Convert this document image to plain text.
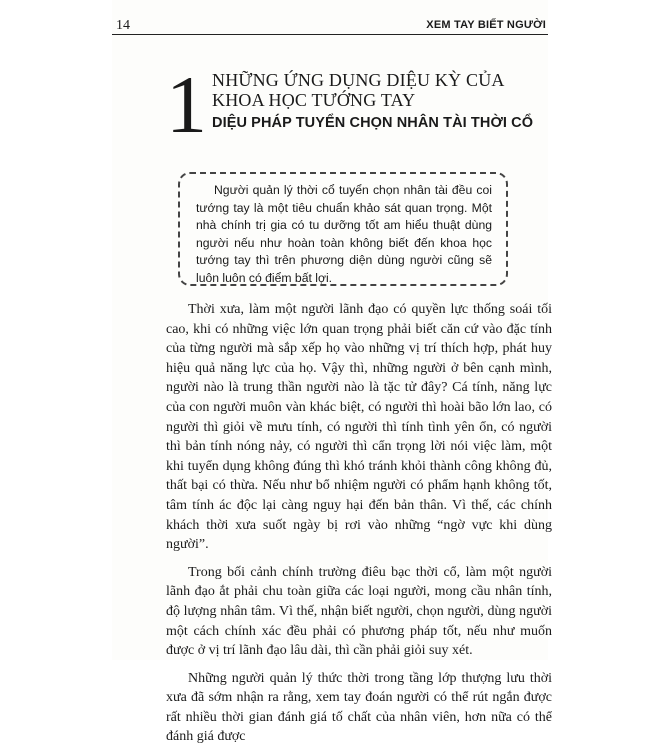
14	XEM TAY BIẾT NGƯỜI
1 NHỮNG ỨNG DỤNG DIỆU KỲ CỦA KHOA HỌC TƯỚNG TAY
DIỆU PHÁP TUYỂN CHỌN NHÂN TÀI THỜI CỔ
Người quản lý thời cổ tuyển chọn nhân tài đều coi tướng tay là một tiêu chuẩn khảo sát quan trọng. Một nhà chính trị gia có tu dưỡng tốt am hiểu thuật dùng người nếu như hoàn toàn không biết đến khoa học tướng tay thì trên phương diện dùng người cũng sẽ luôn luôn có điểm bất lợi.

Thời xưa, làm một người lãnh đạo có quyền lực thống soái tối cao, khi có những việc lớn quan trọng phải biết căn cứ vào đặc tính của từng người mà sắp xếp họ vào những vị trí thích hợp, phát huy hiệu quả năng lực của họ. Vậy thì, những người ở bên cạnh mình, người nào là trung thần người nào là tặc tử đây? Cá tính, năng lực của con người muôn vàn khác biệt, có người thì hoài bão lớn lao, có người thì giỏi về mưu tính, có người thì tính tình yên ổn, có người thì bản tính nóng nảy, có người thì cẩn trọng lời nói việc làm, một khi tuyển dụng không đúng thì khó tránh khỏi thành công không đủ, thất bại có thừa. Nếu như bổ nhiệm người có phẩm hạnh không tốt, tâm tính ác độc lại càng nguy hại đến bản thân. Vì thế, các chính khách thời xưa suốt ngày bị rơi vào những “ngờ vực khi dùng người”.

Trong bối cảnh chính trường điêu bạc thời cổ, làm một người lãnh đạo ắt phải chu toàn giữa các loại người, mong cầu nhân tính, độ lượng nhân tâm. Vì thế, nhận biết người, chọn người, dùng người một cách chính xác đều phải có phương pháp tốt, nếu như muốn được ở vị trí lãnh đạo lâu dài, thì cần phải giỏi suy xét.

Những người quản lý thức thời trong tầng lớp thượng lưu thời xưa đã sớm nhận ra rằng, xem tay đoán người có thể rút ngắn được rất nhiều thời gian đánh giá tố chất của nhân viên, hơn nữa có thể đánh giá được
